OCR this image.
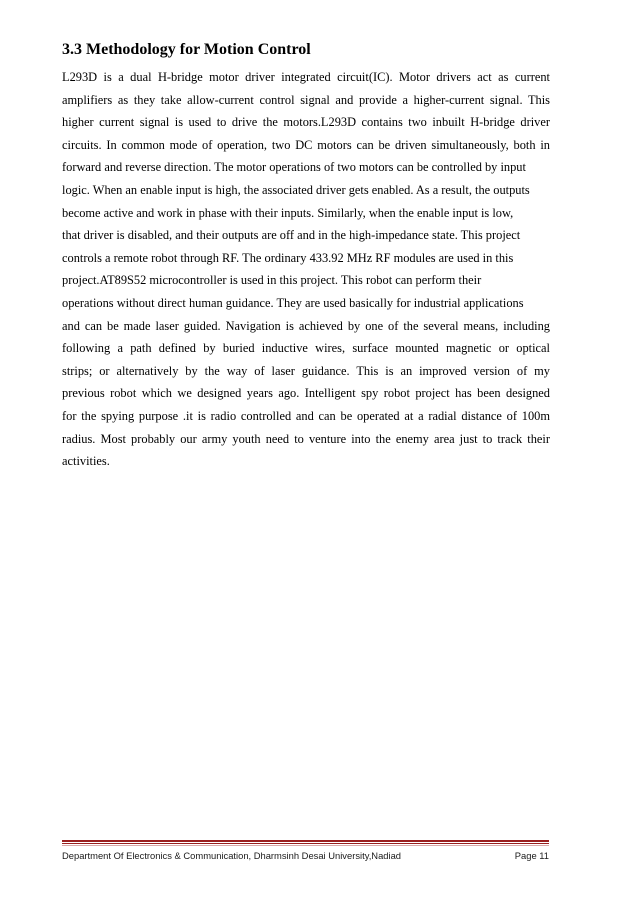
3.3 Methodology for Motion Control
L293D is a dual H-bridge motor driver integrated circuit(IC). Motor drivers act as current
amplifiers as they take allow-current control signal and provide a higher-current signal. This
higher current signal is used to drive the motors.L293D contains two inbuilt H-bridge driver
circuits. In common mode of operation, two DC motors can be driven simultaneously, both in
forward and reverse direction. The motor operations of two motors can be controlled by input
logic. When an enable input is high, the associated driver gets enabled. As a result, the outputs
become active and work in phase with their inputs. Similarly, when the enable input is low,
that driver is disabled, and their outputs are off and in the high-impedance state. This project
controls a remote robot through RF. The ordinary 433.92 MHz RF modules are used in this
project.AT89S52 microcontroller is used in this project. This robot can perform their
operations without direct human guidance. They are used basically for industrial applications
and can be made laser guided. Navigation is achieved by one of the several means, including
following a path defined by buried inductive wires, surface mounted magnetic or optical
strips; or alternatively by the way of laser guidance. This is an improved version of my
previous robot which we designed years ago. Intelligent spy robot project has been designed
for the spying purpose .it is radio controlled and can be operated at a radial distance of 100m
radius. Most probably our army youth need to venture into the enemy area just to track their
activities.
Department Of Electronics & Communication, Dharmsinh Desai University,Nadiad	Page 11
